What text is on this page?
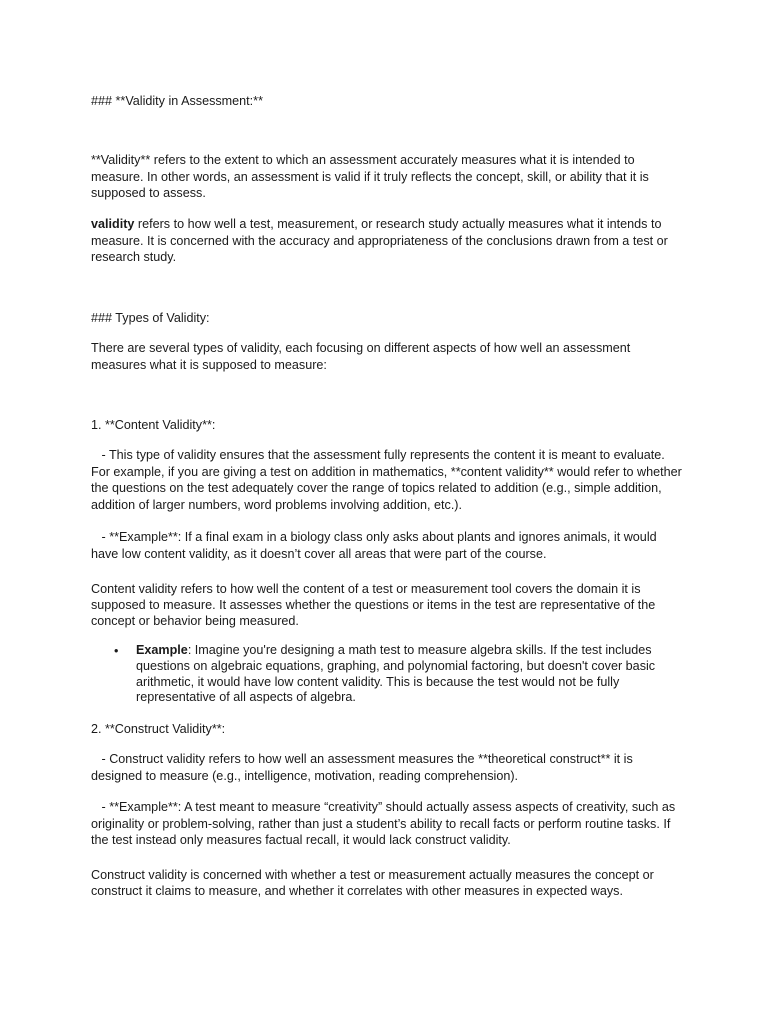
### **Validity in Assessment:**

**Validity** refers to the extent to which an assessment accurately measures what it is intended to measure. In other words, an assessment is valid if it truly reflects the concept, skill, or ability that it is supposed to assess.

validity refers to how well a test, measurement, or research study actually measures what it intends to measure. It is concerned with the accuracy and appropriateness of the conclusions drawn from a test or research study.

### Types of Validity:

There are several types of validity, each focusing on different aspects of how well an assessment measures what it is supposed to measure:

1. **Content Validity**:

- This type of validity ensures that the assessment fully represents the content it is meant to evaluate. For example, if you are giving a test on addition in mathematics, **content validity** would refer to whether the questions on the test adequately cover the range of topics related to addition (e.g., simple addition, addition of larger numbers, word problems involving addition, etc.).

- **Example**: If a final exam in a biology class only asks about plants and ignores animals, it would have low content validity, as it doesn’t cover all areas that were part of the course.

Content validity refers to how well the content of a test or measurement tool covers the domain it is supposed to measure. It assesses whether the questions or items in the test are representative of the concept or behavior being measured.

• Example: Imagine you're designing a math test to measure algebra skills. If the test includes questions on algebraic equations, graphing, and polynomial factoring, but doesn't cover basic arithmetic, it would have low content validity. This is because the test would not be fully representative of all aspects of algebra.

2. **Construct Validity**:

- Construct validity refers to how well an assessment measures the **theoretical construct** it is designed to measure (e.g., intelligence, motivation, reading comprehension).

- **Example**: A test meant to measure “creativity” should actually assess aspects of creativity, such as originality or problem-solving, rather than just a student’s ability to recall facts or perform routine tasks. If the test instead only measures factual recall, it would lack construct validity.

Construct validity is concerned with whether a test or measurement actually measures the concept or construct it claims to measure, and whether it correlates with other measures in expected ways.
